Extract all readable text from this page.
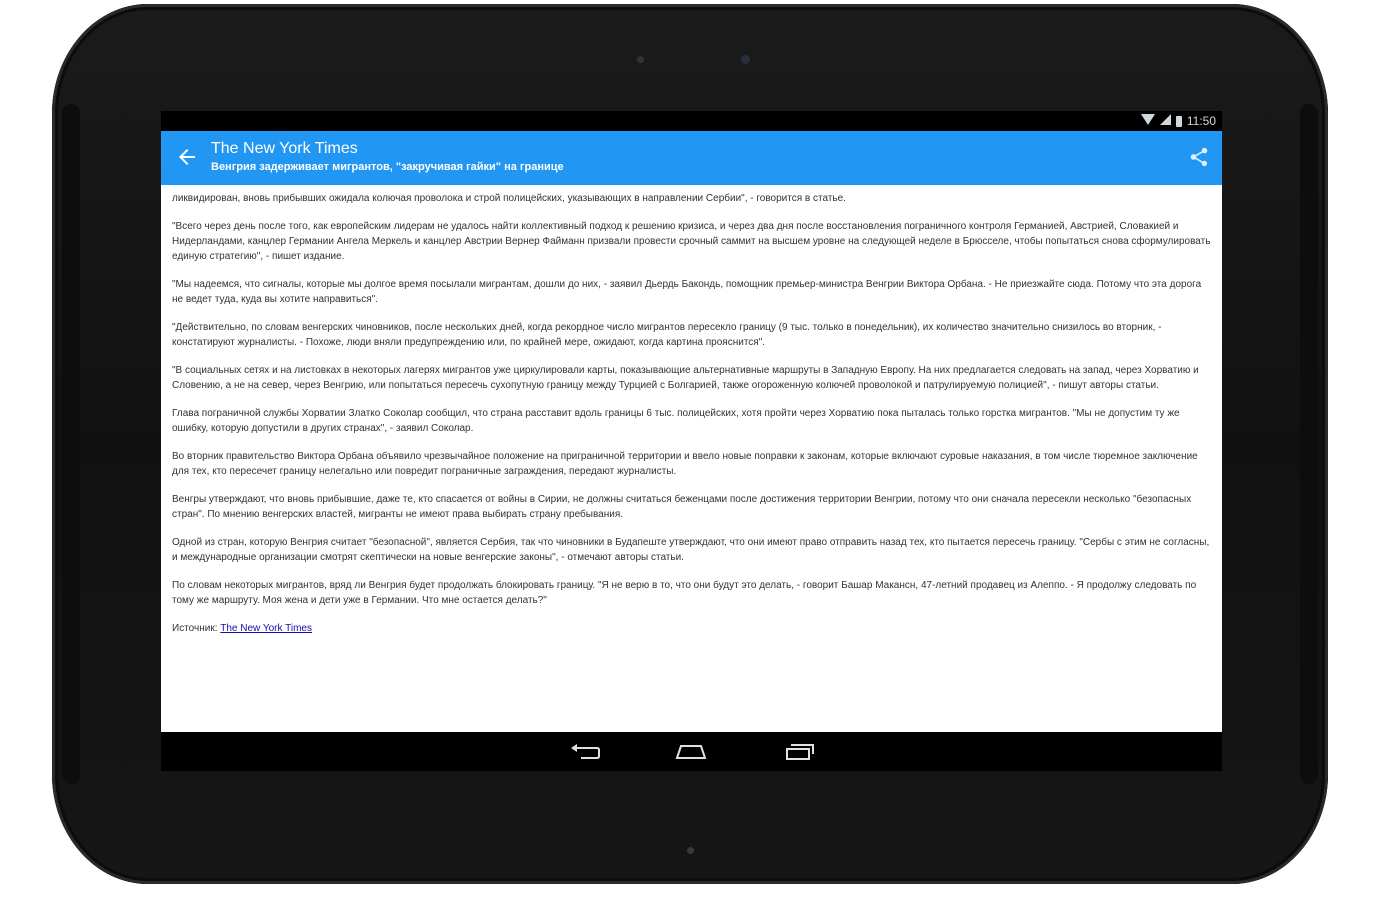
11:50
The New York Times
Венгрия задерживает мигрантов, "закручивая гайки" на границе

ликвидирован, вновь прибывших ожидала колючая проволока и строй полицейских, указывающих в направлении Сербии", - говорится в статье.

"Всего через день после того, как европейским лидерам не удалось найти коллективный подход к решению кризиса, и через два дня после восстановления пограничного контроля Германией, Австрией, Словакией и Нидерландами, канцлер Германии Ангела Меркель и канцлер Австрии Вернер Файманн призвали провести срочный саммит на высшем уровне на следующей неделе в Брюсселе, чтобы попытаться снова сформулировать единую стратегию", - пишет издание.

"Мы надеемся, что сигналы, которые мы долгое время посылали мигрантам, дошли до них, - заявил Дьердь Бакондь, помощник премьер-министра Венгрии Виктора Орбана. - Не приезжайте сюда. Потому что эта дорога не ведет туда, куда вы хотите направиться".

"Действительно, по словам венгерских чиновников, после нескольких дней, когда рекордное число мигрантов пересекло границу (9 тыс. только в понедельник), их количество значительно снизилось во вторник, - констатируют журналисты. - Похоже, люди вняли предупреждению или, по крайней мере, ожидают, когда картина прояснится".

"В социальных сетях и на листовках в некоторых лагерях мигрантов уже циркулировали карты, показывающие альтернативные маршруты в Западную Европу. На них предлагается следовать на запад, через Хорватию и Словению, а не на север, через Венгрию, или попытаться пересечь сухопутную границу между Турцией с Болгарией, также огороженную колючей проволокой и патрулируемую полицией", - пишут авторы статьи.

Глава пограничной службы Хорватии Златко Соколар сообщил, что страна расставит вдоль границы 6 тыс. полицейских, хотя пройти через Хорватию пока пыталась только горстка мигрантов. "Мы не допустим ту же ошибку, которую допустили в других странах", - заявил Соколар.

Во вторник правительство Виктора Орбана объявило чрезвычайное положение на приграничной территории и ввело новые поправки к законам, которые включают суровые наказания, в том числе тюремное заключение для тех, кто пересечет границу нелегально или повредит пограничные заграждения, передают журналисты.

Венгры утверждают, что вновь прибывшие, даже те, кто спасается от войны в Сирии, не должны считаться беженцами после достижения территории Венгрии, потому что они сначала пересекли несколько "безопасных стран". По мнению венгерских властей, мигранты не имеют права выбирать страну пребывания.

Одной из стран, которую Венгрия считает "безопасной", является Сербия, так что чиновники в Будапеште утверждают, что они имеют право отправить назад тех, кто пытается пересечь границу. "Сербы с этим не согласны, и международные организации смотрят скептически на новые венгерские законы", - отмечают авторы статьи.

По словам некоторых мигрантов, вряд ли Венгрия будет продолжать блокировать границу. "Я не верю в то, что они будут это делать, - говорит Башар Макансн, 47-летний продавец из Алеппо. - Я продолжу следовать по тому же маршруту. Моя жена и дети уже в Германии. Что мне остается делать?"

Источник: The New York Times
